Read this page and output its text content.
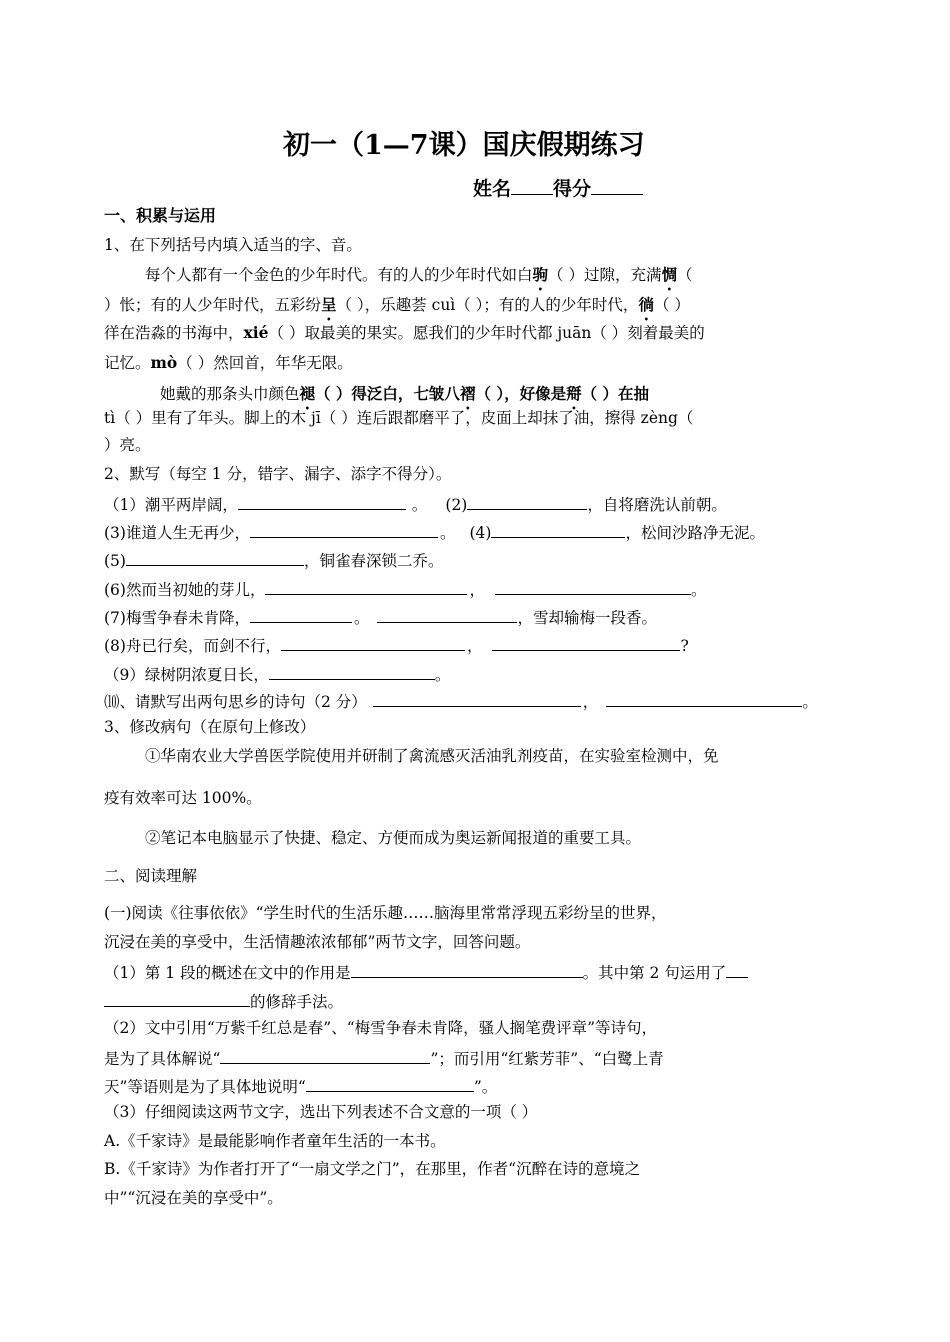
初一（1—7课）国庆假期练习
姓名 得分
一、积累与运用
1、在下列括号内填入适当的字、音。
每个人都有一个金色的少年时代。有的人的少年时代如白驹（ ）过隙，充满惆（
）怅；有的人少年时代，五彩纷呈（ ），乐趣荟 cuì（ ）；有的人的少年时代，徜（ ）
徉在浩淼的书海中，xié（ ）取最美的果实。愿我们的少年时代都 juān（ ）刻着最美的
记忆。mò（ ）然回首，年华无限。
她戴的那条头巾颜色褪（ ）得泛白，七皱八褶（ ），好像是搿（ ）在抽
tì（ ）里有了年头。脚上的木 jī（ ）连后跟都磨平了，皮面上却抹了油，擦得 zèng（
）亮。
2、默写（每空 1 分，错字、漏字、添字不得分）。
（1）潮平两岸阔，	。 (2)	，自将磨洗认前朝。
(3)谁道人生无再少，	。 (4)	，松间沙路净无泥。
(5)	，铜雀春深锁二乔。
(6)然而当初她的芽儿，	，	。
(7)梅雪争春未肯降，	。	，雪却输梅一段香。
(8)舟已行矣，而剑不行，	，	?
（9）绿树阴浓夏日长，	。
⑽、请默写出两句思乡的诗句（2 分）	，	。
3、修改病句（在原句上修改）
①华南农业大学兽医学院使用并研制了禽流感灭活油乳剂疫苗，在实验室检测中，免
疫有效率可达 100%。
②笔记本电脑显示了快捷、稳定、方便而成为奥运新闻报道的重要工具。
二、阅读理解
(一)阅读《往事依依》“学生时代的生活乐趣……脑海里常常浮现五彩纷呈的世界，
沉浸在美的享受中，生活情趣浓浓郁郁”两节文字，回答问题。
（1）第 1 段的概述在文中的作用是	。其中第 2 句运用了
的修辞手法。
（2）文中引用“万紫千红总是春”、“梅雪争春未肯降，骚人搁笔费评章”等诗句，
是为了具体解说“	”；而引用“红紫芳菲”、“白鹭上青
天”等语则是为了具体地说明“	”。
（3）仔细阅读这两节文字，选出下列表述不合文意的一项（ ）
A.《千家诗》是最能影响作者童年生活的一本书。
B.《千家诗》为作者打开了“一扇文学之门”，在那里，作者“沉醉在诗的意境之
中”“沉浸在美的享受中”。
